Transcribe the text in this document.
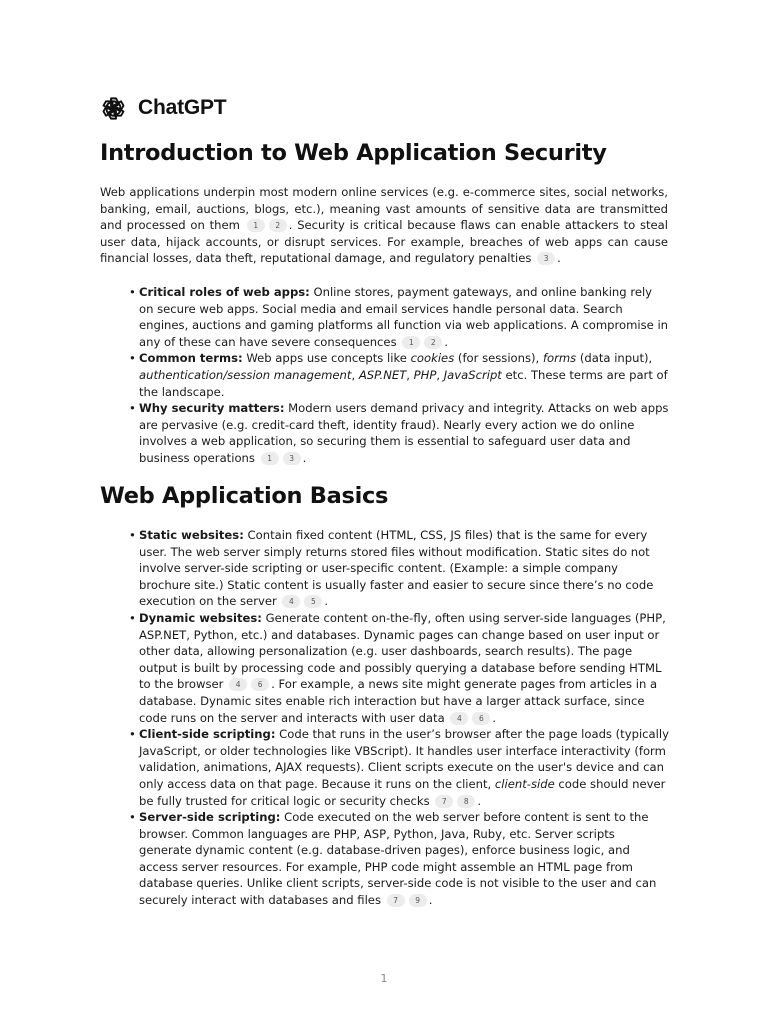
ChatGPT
Introduction to Web Application Security

Web applications underpin most modern online services (e.g. e-commerce sites, social networks, banking, email, auctions, blogs, etc.), meaning vast amounts of sensitive data are transmitted and processed on them 1 2 . Security is critical because flaws can enable attackers to steal user data, hijack accounts, or disrupt services. For example, breaches of web apps can cause financial losses, data theft, reputational damage, and regulatory penalties 3 .

• Critical roles of web apps: Online stores, payment gateways, and online banking rely on secure web apps. Social media and email services handle personal data. Search engines, auctions and gaming platforms all function via web applications. A compromise in any of these can have severe consequences 1 2 .
• Common terms: Web apps use concepts like cookies (for sessions), forms (data input), authentication/session management, ASP.NET, PHP, JavaScript etc. These terms are part of the landscape.
• Why security matters: Modern users demand privacy and integrity. Attacks on web apps are pervasive (e.g. credit-card theft, identity fraud). Nearly every action we do online involves a web application, so securing them is essential to safeguard user data and business operations 1 3 .
Web Application Basics
• Static websites: Contain fixed content (HTML, CSS, JS files) that is the same for every user. The web server simply returns stored files without modification. Static sites do not involve server-side scripting or user-specific content. (Example: a simple company brochure site.) Static content is usually faster and easier to secure since there’s no code execution on the server 4 5 .
• Dynamic websites: Generate content on-the-fly, often using server-side languages (PHP, ASP.NET, Python, etc.) and databases. Dynamic pages can change based on user input or other data, allowing personalization (e.g. user dashboards, search results). The page output is built by processing code and possibly querying a database before sending HTML to the browser 4 6 . For example, a news site might generate pages from articles in a database. Dynamic sites enable rich interaction but have a larger attack surface, since code runs on the server and interacts with user data 4 6 .
• Client-side scripting: Code that runs in the user’s browser after the page loads (typically JavaScript, or older technologies like VBScript). It handles user interface interactivity (form validation, animations, AJAX requests). Client scripts execute on the user's device and can only access data on that page. Because it runs on the client, client-side code should never be fully trusted for critical logic or security checks 7 8 .
• Server-side scripting: Code executed on the web server before content is sent to the browser. Common languages are PHP, ASP, Python, Java, Ruby, etc. Server scripts generate dynamic content (e.g. database-driven pages), enforce business logic, and access server resources. For example, PHP code might assemble an HTML page from database queries. Unlike client scripts, server-side code is not visible to the user and can securely interact with databases and files 7 9 .
1
